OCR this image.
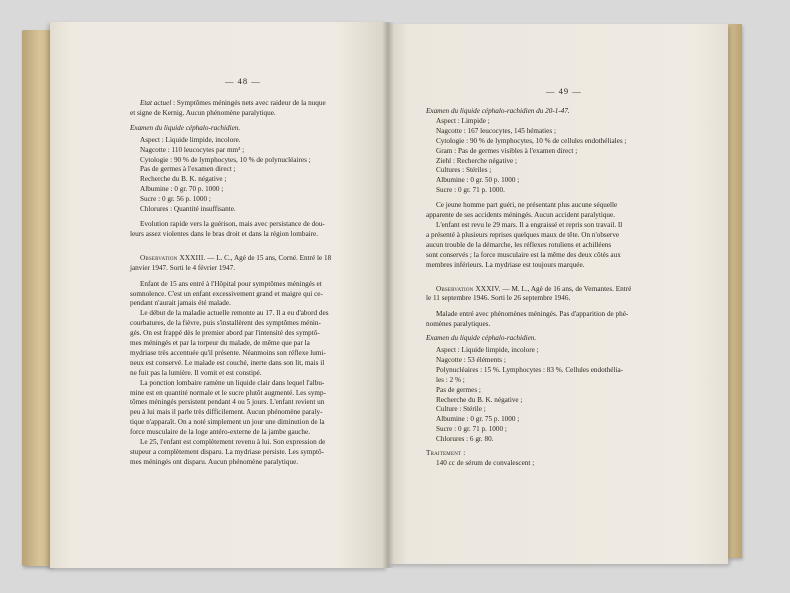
— 48 —

Etat actuel : Symptômes méningés nets avec raideur de la nuque

et signe de Kernig. Aucun phénomène paralytique.

Examen du liquide céphalo-rachidien.

Aspect : Liquide limpide, incolore.

Nagcotte : 110 leucocytes par mm³ ;

Cytologie : 90 % de lymphocytes, 10 % de polynucléaires ;

Pas de germes à l'examen direct ;

Recherche du B. K. négative ;

Albumine : 0 gr. 70 p. 1000 ;

Sucre : 0 gr. 56 p. 1000 ;

Chlorures : Quantité insuffisante.

Evolution rapide vers la guérison, mais avec persistance de dou-

leurs assez violentes dans le bras droit et dans la région lombaire.

Observation XXXIII. — L. C., Agé de 15 ans, Corné. Entré le 18

janvier 1947. Sorti le 4 février 1947.

Enfant de 15 ans entré à l'Hôpital pour symptômes méningés et

somnolence. C'est un enfant excessivement grand et maigre qui ce-

pendant n'aurait jamais été malade.

Le début de la maladie actuelle remonte au 17. Il a eu d'abord des

courbatures, de la fièvre, puis s'installèrent des symptômes ménin-

gés. On est frappé dès le premier abord par l'intensité des symptô-

mes méningés et par la torpeur du malade, de même que par la

mydriase très accentuée qu'il présente. Néanmoins son réflexe lumi-

neux est conservé. Le malade est couché, inerte dans son lit, mais il

ne fuit pas la lumière. Il vomit et est constipé.

La ponction lombaire ramène un liquide clair dans lequel l'albu-

mine est en quantité normale et le sucre plutôt augmenté. Les symp-

tômes méningés persistent pendant 4 ou 5 jours. L'enfant revient un

peu à lui mais il parle très difficilement. Aucun phénomène paraly-

tique n'apparaît. On a noté simplement un jour une diminution de la

force musculaire de la loge antéro-externe de la jambe gauche.

Le 25, l'enfant est complètement revenu à lui. Son expression de

stupeur a complètement disparu. La mydriase persiste. Les symptô-

mes méningés ont disparu. Aucun phénomène paralytique.

— 49 —

Examen du liquide céphalo-rachidien du 20-1-47.

Aspect : Limpide ;

Nagcotte : 167 leucocytes, 145 hématies ;

Cytologie : 90 % de lymphocytes, 10 % de cellules endothéliales ;

Gram : Pas de germes visibles à l'examen direct ;

Ziehl : Recherche négative ;

Cultures : Stériles ;

Albumine : 0 gr. 50 p. 1000 ;

Sucre : 0 gr. 71 p. 1000.

Ce jeune homme part guéri, ne présentant plus aucune séquelle

apparente de ses accidents méningés. Aucun accident paralytique.

L'enfant est revu le 29 mars. Il a engraissé et repris son travail. Il

a présenté à plusieurs reprises quelques maux de tête. On n'observe

aucun trouble de la démarche, les réflexes rotuliens et achilléens

sont conservés ; la force musculaire est la même des deux côtés aux

membres inférieurs. La mydriase est toujours marquée.

Observation XXXIV. — M. L., Agé de 16 ans, de Vernantes. Entré

le 11 septembre 1946. Sorti le 26 septembre 1946.

Malade entré avec phénomènes méningés. Pas d'apparition de phé-

nomènes paralytiques.

Examen du liquide céphalo-rachidien.

Aspect : Liquide limpide, incolore ;

Nagcotte : 53 éléments ;

Polynucléaires : 15 %. Lymphocytes : 83 %. Cellules endothélia-

les : 2 % ;

Pas de germes ;

Recherche du B. K. négative ;

Culture : Stérile ;

Albumine : 0 gr. 75 p. 1000 ;

Sucre : 0 gr. 71 p. 1000 ;

Chlorures : 6 gr. 80.

Traitement :

140 cc de sérum de convalescent ;
